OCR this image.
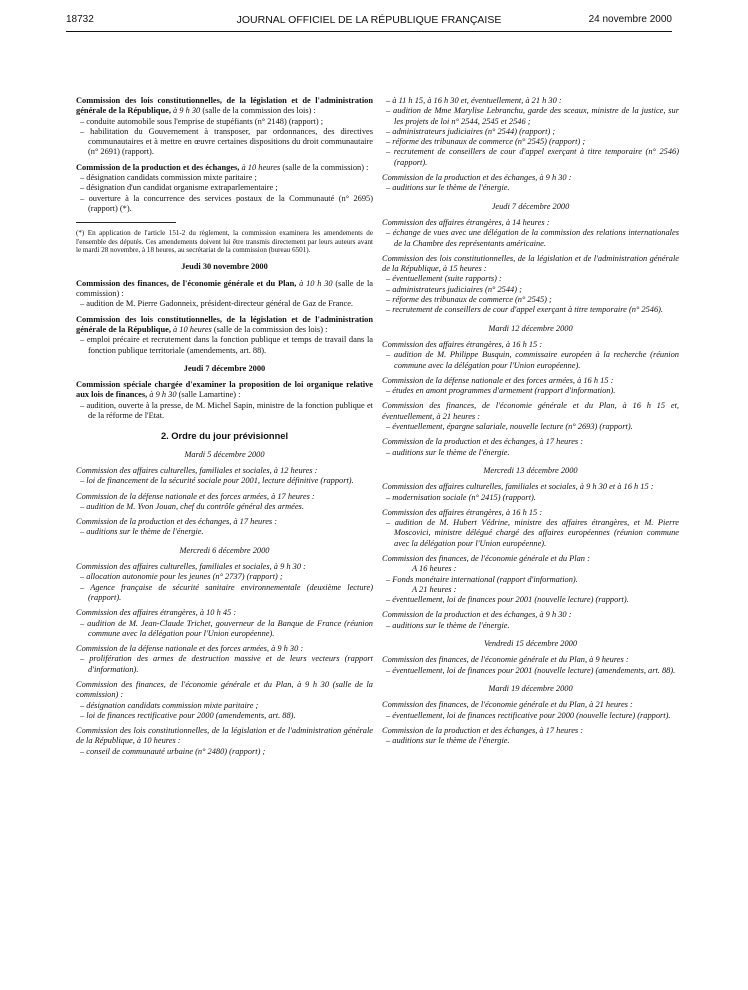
18732	JOURNAL OFFICIEL DE LA RÉPUBLIQUE FRANÇAISE	24 novembre 2000
Commission des lois constitutionnelles, de la législation et de l'administration générale de la République, à 9 h 30 (salle de la commission des lois) :
– conduite automobile sous l'emprise de stupéfiants (n° 2148) (rapport) ;
– habilitation du Gouvernement à transposer, par ordonnances, des directives communautaires et à mettre en œuvre certaines dispositions du droit communautaire (n° 2691) (rapport).
Commission de la production et des échanges, à 10 heures (salle de la commission) :
– désignation candidats commission mixte paritaire ;
– désignation d'un candidat organisme extraparlementaire ;
– ouverture à la concurrence des services postaux de la Communauté (n° 2695) (rapport) (*).
(*) En application de l'article 151-2 du règlement, la commission examinera les amendements de l'ensemble des députés. Ces amendements doivent lui être transmis directement par leurs auteurs avant le mardi 28 novembre, à 18 heures, au secrétariat de la commission (bureau 6501).
Jeudi 30 novembre 2000
Commission des finances, de l'économie générale et du Plan, à 10 h 30 (salle de la commission) :
– audition de M. Pierre Gadonneix, président-directeur général de Gaz de France.
Commission des lois constitutionnelles, de la législation et de l'administration générale de la République, à 10 heures (salle de la commission des lois) :
– emploi précaire et recrutement dans la fonction publique et temps de travail dans la fonction publique territoriale (amendements, art. 88).
Jeudi 7 décembre 2000
Commission spéciale chargée d'examiner la proposition de loi organique relative aux lois de finances, à 9 h 30 (salle Lamartine) :
– audition, ouverte à la presse, de M. Michel Sapin, ministre de la fonction publique et de la réforme de l'Etat.
2. Ordre du jour prévisionnel
Mardi 5 décembre 2000
Commission des affaires culturelles, familiales et sociales, à 12 heures :
– loi de financement de la sécurité sociale pour 2001, lecture définitive (rapport).
Commission de la défense nationale et des forces armées, à 17 heures :
– audition de M. Yvon Jouan, chef du contrôle général des armées.
Commission de la production et des échanges, à 17 heures :
– auditions sur le thème de l'énergie.
Mercredi 6 décembre 2000
Commission des affaires culturelles, familiales et sociales, à 9 h 30 :
– allocation autonomie pour les jeunes (n° 2737) (rapport) ;
– Agence française de sécurité sanitaire environnementale (deuxième lecture) (rapport).
Commission des affaires étrangères, à 10 h 45 :
– audition de M. Jean-Claude Trichet, gouverneur de la Banque de France (réunion commune avec la délégation pour l'Union européenne).
Commission de la défense nationale et des forces armées, à 9 h 30 :
– prolifération des armes de destruction massive et de leurs vecteurs (rapport d'information).
Commission des finances, de l'économie générale et du Plan, à 9 h 30 (salle de la commission) :
– désignation candidats commission mixte paritaire ;
– loi de finances rectificative pour 2000 (amendements, art. 88).
Commission des lois constitutionnelles, de la législation et de l'administration générale de la République, à 10 heures :
– conseil de communauté urbaine (n° 2480) (rapport) ;
– à 11 h 15, à 16 h 30 et, éventuellement, à 21 h 30 :
– audition de Mme Marylise Lebranchu, garde des sceaux, ministre de la justice, sur les projets de loi n° 2544, 2545 et 2546 ;
– administrateurs judiciaires (n° 2544) (rapport) ;
– réforme des tribunaux de commerce (n° 2545) (rapport) ;
– recrutement de conseillers de cour d'appel exerçant à titre temporaire (n° 2546) (rapport).
Commission de la production et des échanges, à 9 h 30 :
– auditions sur le thème de l'énergie.
Jeudi 7 décembre 2000
Commission des affaires étrangères, à 14 heures :
– échange de vues avec une délégation de la commission des relations internationales de la Chambre des représentants américaine.
Commission des lois constitutionnelles, de la législation et de l'administration générale de la République, à 15 heures :
– éventuellement (suite rapports) :
– administrateurs judiciaires (n° 2544) ;
– réforme des tribunaux de commerce (n° 2545) ;
– recrutement de conseillers de cour d'appel exerçant à titre temporaire (n° 2546).
Mardi 12 décembre 2000
Commission des affaires étrangères, à 16 h 15 :
– audition de M. Philippe Busquin, commissaire européen à la recherche (réunion commune avec la délégation pour l'Union européenne).
Commission de la défense nationale et des forces armées, à 16 h 15 :
– études en amont programmes d'armement (rapport d'information).
Commission des finances, de l'économie générale et du Plan, à 16 h 15 et, éventuellement, à 21 heures :
– éventuellement, épargne salariale, nouvelle lecture (n° 2693) (rapport).
Commission de la production et des échanges, à 17 heures :
– auditions sur le thème de l'énergie.
Mercredi 13 décembre 2000
Commission des affaires culturelles, familiales et sociales, à 9 h 30 et à 16 h 15 :
– modernisation sociale (n° 2415) (rapport).
Commission des affaires étrangères, à 16 h 15 :
– audition de M. Hubert Védrine, ministre des affaires étrangères, et M. Pierre Moscovici, ministre délégué chargé des affaires européennes (réunion commune avec la délégation pour l'Union européenne).
Commission des finances, de l'économie générale et du Plan :
A 16 heures :
– Fonds monétaire international (rapport d'information).
A 21 heures :
– éventuellement, loi de finances pour 2001 (nouvelle lecture) (rapport).
Commission de la production et des échanges, à 9 h 30 :
– auditions sur le thème de l'énergie.
Vendredi 15 décembre 2000
Commission des finances, de l'économie générale et du Plan, à 9 heures :
– éventuellement, loi de finances pour 2001 (nouvelle lecture) (amendements, art. 88).
Mardi 19 décembre 2000
Commission des finances, de l'économie générale et du Plan, à 21 heures :
– éventuellement, loi de finances rectificative pour 2000 (nouvelle lecture) (rapport).
Commission de la production et des échanges, à 17 heures :
– auditions sur le thème de l'énergie.
